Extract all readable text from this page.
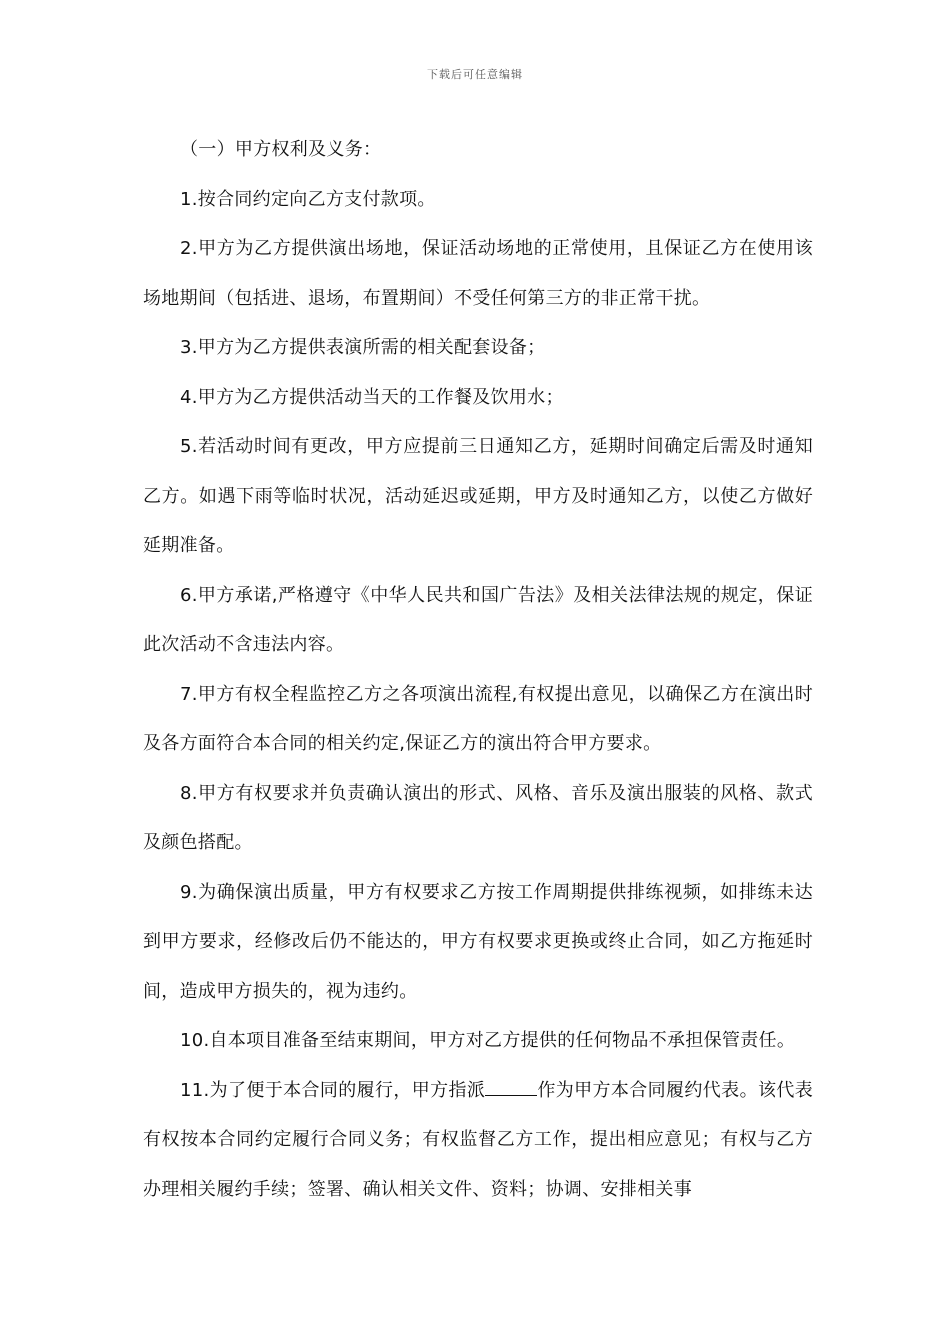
下载后可任意编辑

（一）甲方权利及义务：

1.按合同约定向乙方支付款项。

2.甲方为乙方提供演出场地，保证活动场地的正常使用，且保证乙方在使用该场地期间（包括进、退场，布置期间）不受任何第三方的非正常干扰。

3.甲方为乙方提供表演所需的相关配套设备；

4.甲方为乙方提供活动当天的工作餐及饮用水；

5.若活动时间有更改，甲方应提前三日通知乙方，延期时间确定后需及时通知乙方。如遇下雨等临时状况，活动延迟或延期，甲方及时通知乙方，以使乙方做好延期准备。

6.甲方承诺,严格遵守《中华人民共和国广告法》及相关法律法规的规定，保证此次活动不含违法内容。

7.甲方有权全程监控乙方之各项演出流程,有权提出意见，以确保乙方在演出时及各方面符合本合同的相关约定,保证乙方的演出符合甲方要求。

8.甲方有权要求并负责确认演出的形式、风格、音乐及演出服装的风格、款式及颜色搭配。

9.为确保演出质量，甲方有权要求乙方按工作周期提供排练视频，如排练未达到甲方要求，经修改后仍不能达的，甲方有权要求更换或终止合同，如乙方拖延时间，造成甲方损失的，视为违约。

10.自本项目准备至结束期间，甲方对乙方提供的任何物品不承担保管责任。

11.为了便于本合同的履行，甲方指派	作为甲方本合同履约代表。该代表有权按本合同约定履行合同义务；有权监督乙方工作，提出相应意见；有权与乙方办理相关履约手续；签署、确认相关文件、资料；协调、安排相关事
